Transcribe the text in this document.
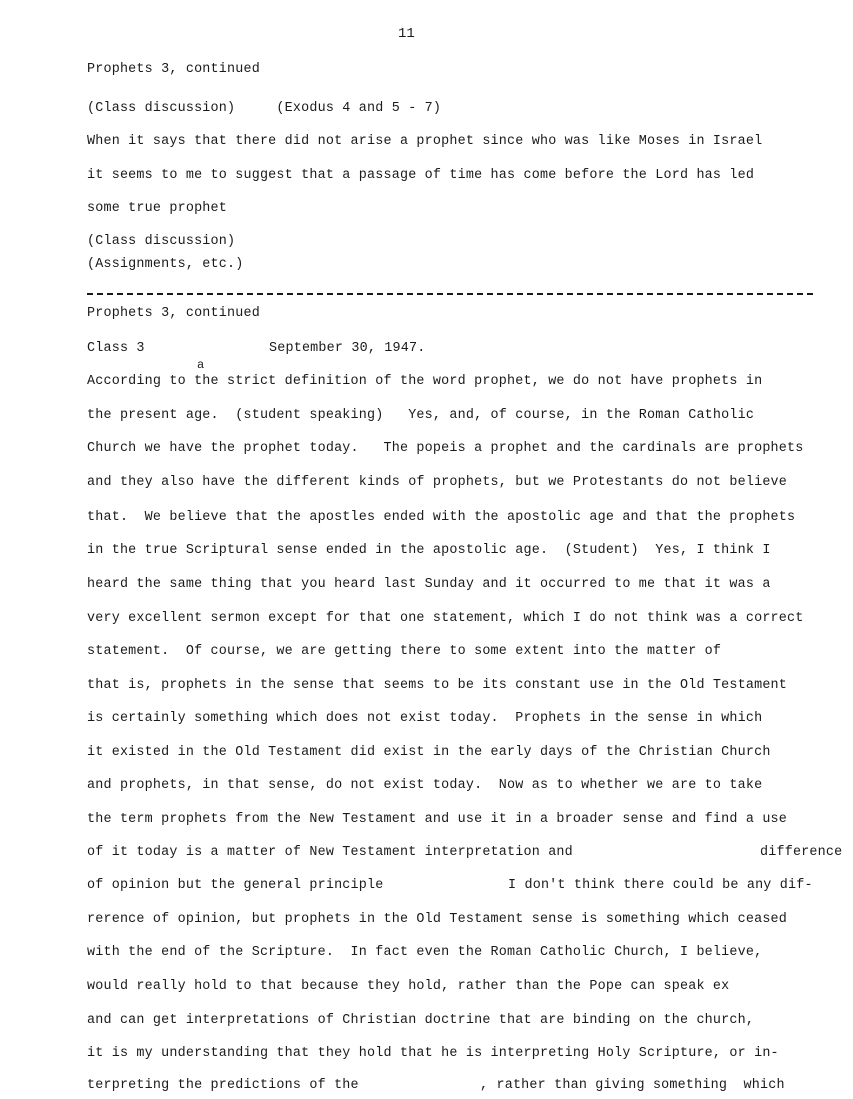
11
Prophets 3, continued
(Class discussion)     (Exodus 4 and 5 - 7)
When it says that there did not arise a prophet since who was like Moses in Israel
it seems to me to suggest that a passage of time has come before the Lord has led
some true prophet
(Class discussion)
(Assignments, etc.)
Prophets 3, continued
Class 3	September 30, 1947.
a
According to the strict definition of the word prophet, we do not have prophets in
the present age.  (student speaking)   Yes, and, of course, in the Roman Catholic
Church we have the prophet today.   The popeis a prophet and the cardinals are prophets
and they also have the different kinds of prophets, but we Protestants do not believe
that.  We believe that the apostles ended with the apostolic age and that the prophets
in the true Scriptural sense ended in the apostolic age.  (Student)  Yes, I think I
heard the same thing that you heard last Sunday and it occurred to me that it was a
very excellent sermon except for that one statement, which I do not think was a correct
statement.  Of course, we are getting there to some extent into the matter of
that is, prophets in the sense that seems to be its constant use in the Old Testament
is certainly something which does not exist today.  Prophets in the sense in which
it existed in the Old Testament did exist in the early days of the Christian Church
and prophets, in that sense, do not exist today.  Now as to whether we are to take
the term prophets from the New Testament and use it in a broader sense and find a use
of it today is a matter of New Testament interpretation and	difference
of opinion but the general principle	I don't think there could be any dif-
rerence of opinion, but prophets in the Old Testament sense is something which ceased
with the end of the Scripture.  In fact even the Roman Catholic Church, I believe,
would really hold to that because they hold, rather than the Pope can speak ex
and can get interpretations of Christian doctrine that are binding on the church,
it is my understanding that they hold that he is interpreting Holy Scripture, or in-
terpreting the predictions of the	, rather than giving something  which
